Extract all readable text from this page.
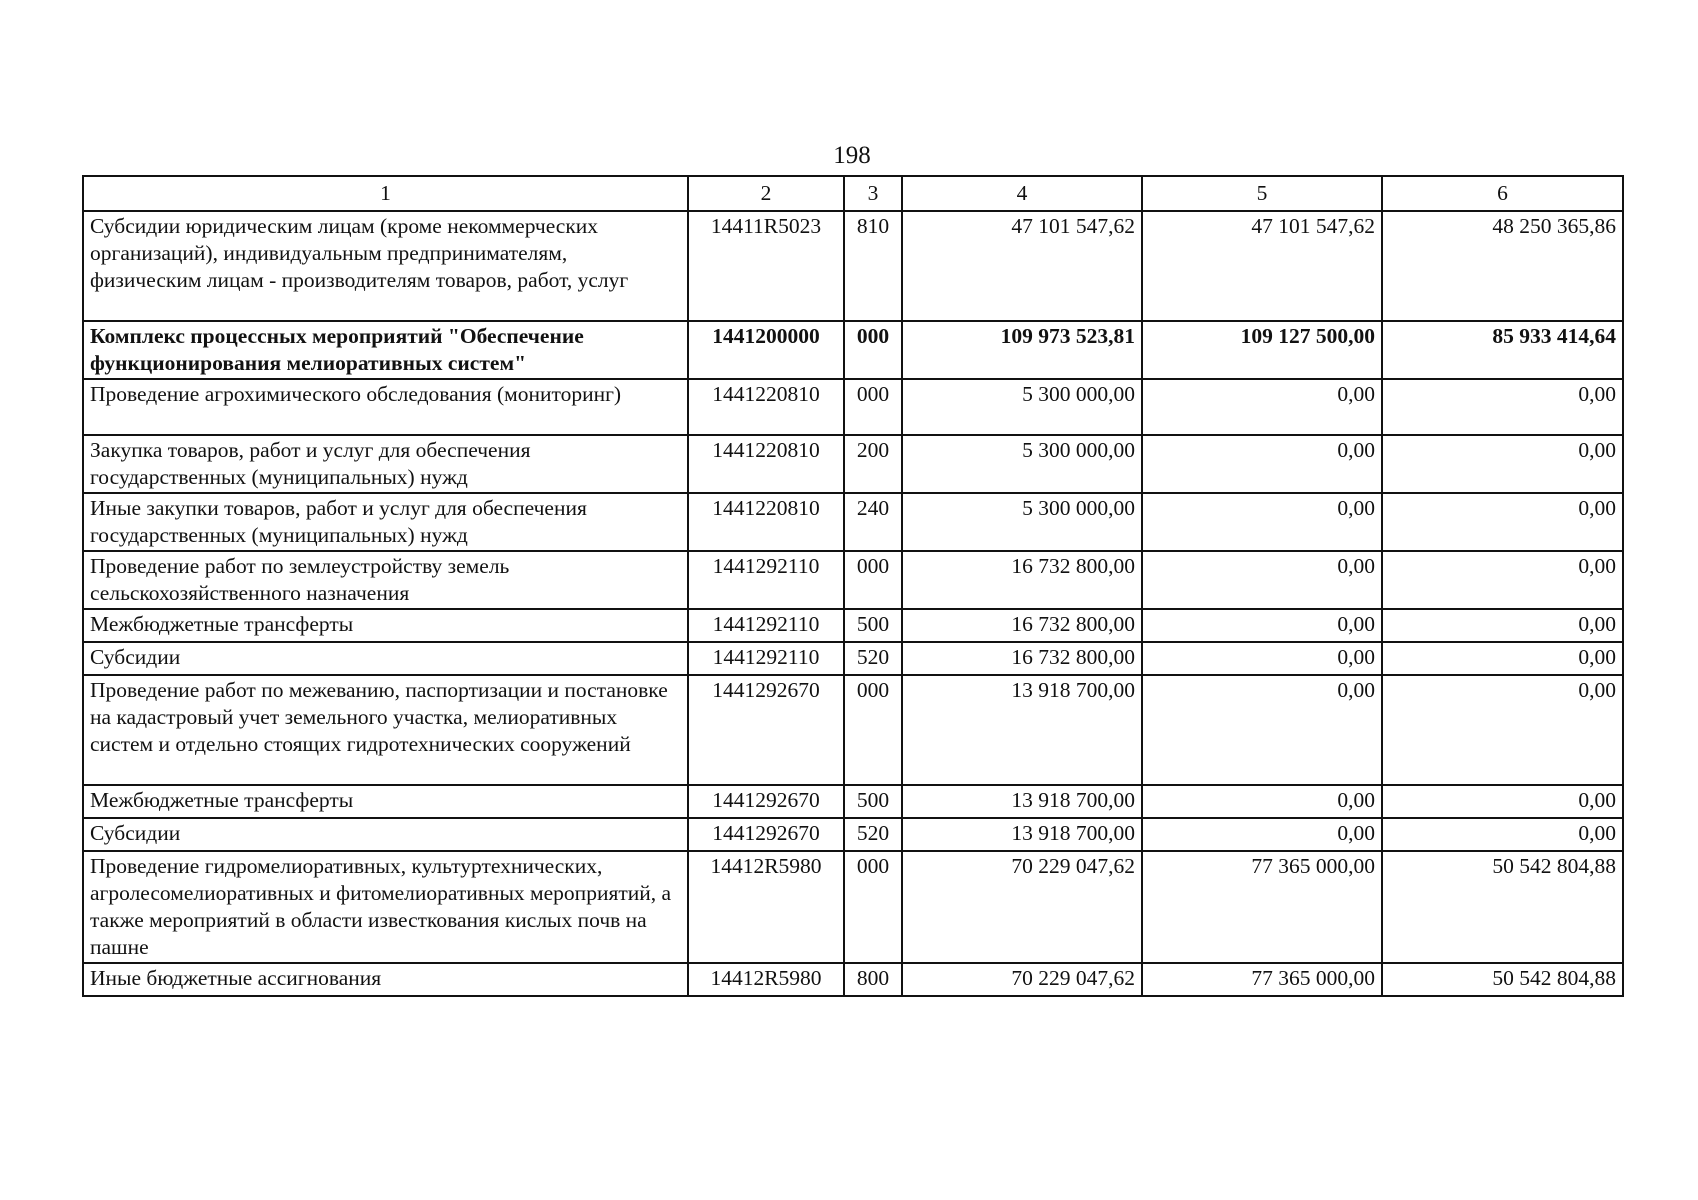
198
1	2	3	4	5	6
Субсидии юридическим лицам (кроме некоммерческих организаций), индивидуальным предпринимателям, физическим лицам - производителям товаров, работ, услуг	14411R5023	810	47 101 547,62	47 101 547,62	48 250 365,86
Комплекс процессных мероприятий "Обеспечение функционирования мелиоративных систем"	1441200000	000	109 973 523,81	109 127 500,00	85 933 414,64
Проведение агрохимического обследования (мониторинг)	1441220810	000	5 300 000,00	0,00	0,00
Закупка товаров, работ и услуг для обеспечения государственных (муниципальных) нужд	1441220810	200	5 300 000,00	0,00	0,00
Иные закупки товаров, работ и услуг для обеспечения государственных (муниципальных) нужд	1441220810	240	5 300 000,00	0,00	0,00
Проведение работ по землеустройству земель сельскохозяйственного назначения	1441292110	000	16 732 800,00	0,00	0,00
Межбюджетные трансферты	1441292110	500	16 732 800,00	0,00	0,00
Субсидии	1441292110	520	16 732 800,00	0,00	0,00
Проведение работ по межеванию, паспортизации и постановке на кадастровый учет земельного участка, мелиоративных систем и отдельно стоящих гидротехнических сооружений	1441292670	000	13 918 700,00	0,00	0,00
Межбюджетные трансферты	1441292670	500	13 918 700,00	0,00	0,00
Субсидии	1441292670	520	13 918 700,00	0,00	0,00
Проведение гидромелиоративных, культуртехнических, агролесомелиоративных и фитомелиоративных мероприятий, а также мероприятий в области известкования кислых почв на пашне	14412R5980	000	70 229 047,62	77 365 000,00	50 542 804,88
Иные бюджетные ассигнования	14412R5980	800	70 229 047,62	77 365 000,00	50 542 804,88
